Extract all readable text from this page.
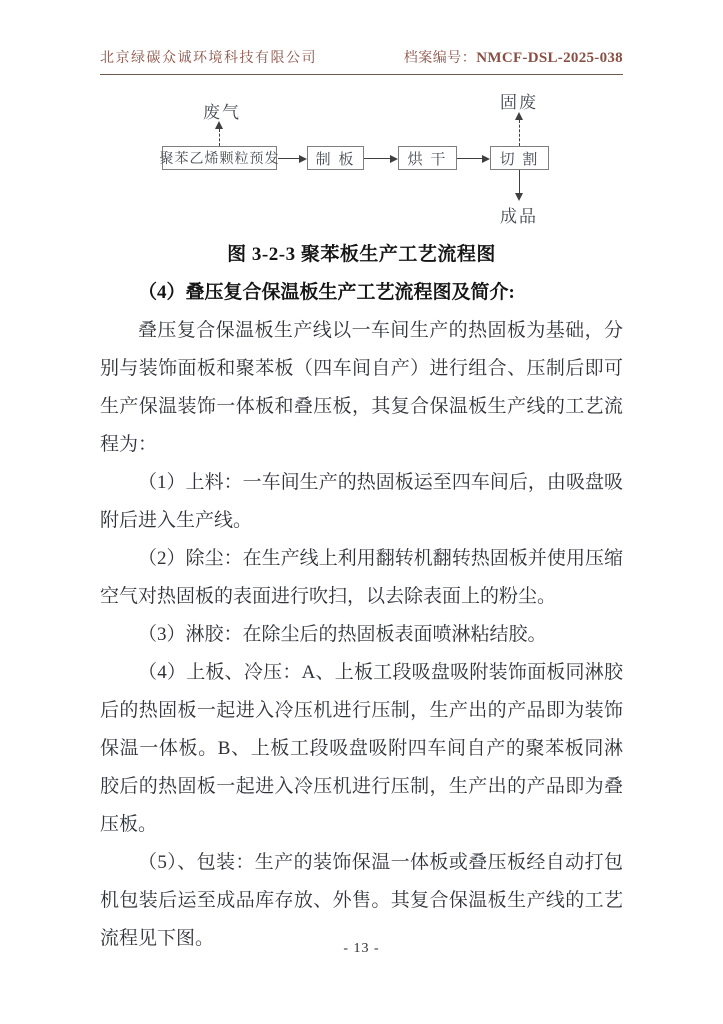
北京绿碳众诚环境科技有限公司	档案编号：NMCF-DSL-2025-038
废气
聚苯乙烯颗粒预发	制 板	烘 干	切 割
固废
成品
图 3-2-3 聚苯板生产工艺流程图
（4）叠压复合保温板生产工艺流程图及简介:

叠压复合保温板生产线以一车间生产的热固板为基础，分别与装饰面板和聚苯板（四车间自产）进行组合、压制后即可生产保温装饰一体板和叠压板，其复合保温板生产线的工艺流程为：

（1）上料：一车间生产的热固板运至四车间后，由吸盘吸附后进入生产线。

（2）除尘：在生产线上利用翻转机翻转热固板并使用压缩空气对热固板的表面进行吹扫，以去除表面上的粉尘。

（3）淋胶：在除尘后的热固板表面喷淋粘结胶。

（4）上板、冷压：A、上板工段吸盘吸附装饰面板同淋胶后的热固板一起进入冷压机进行压制，生产出的产品即为装饰保温一体板。B、上板工段吸盘吸附四车间自产的聚苯板同淋胶后的热固板一起进入冷压机进行压制，生产出的产品即为叠压板。

（5）、包装：生产的装饰保温一体板或叠压板经自动打包机包装后运至成品库存放、外售。其复合保温板生产线的工艺流程见下图。	- 13 -
